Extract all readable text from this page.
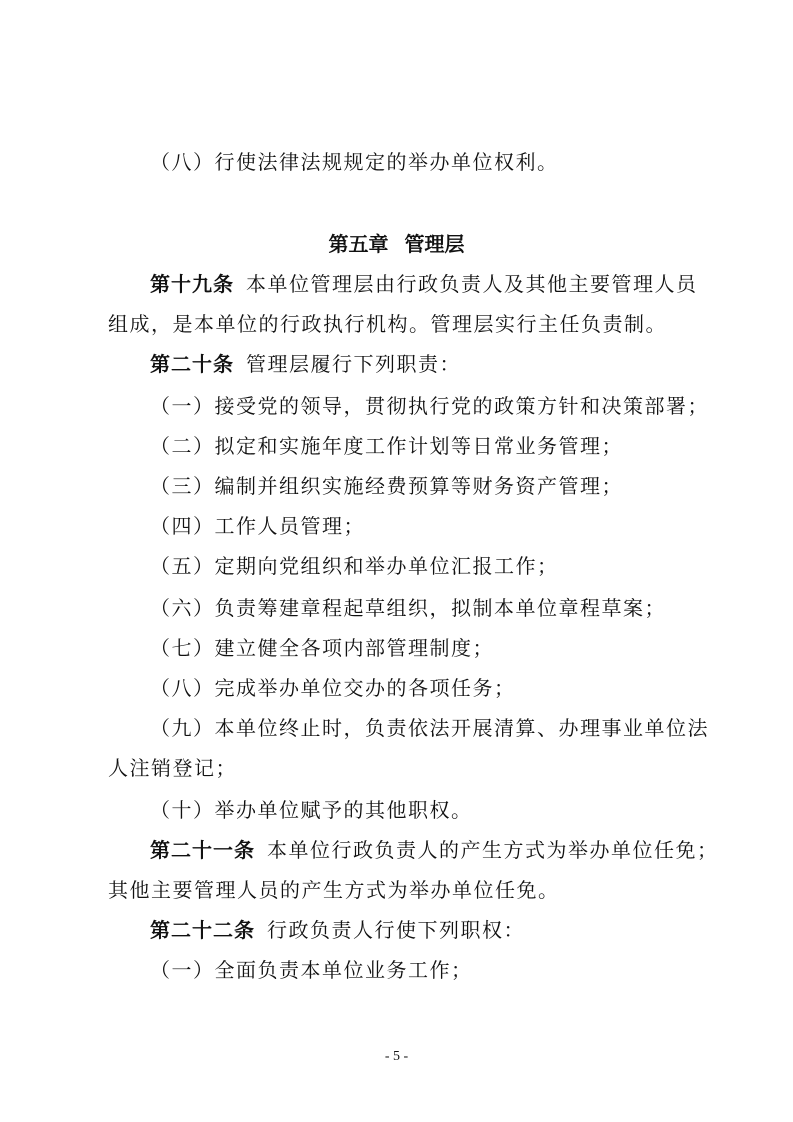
（八）行使法律法规规定的举办单位权利。
第五章 管理层
第十九条 本单位管理层由行政负责人及其他主要管理人员
组成，是本单位的行政执行机构。管理层实行主任负责制。
第二十条 管理层履行下列职责：
（一）接受党的领导，贯彻执行党的政策方针和决策部署；
（二）拟定和实施年度工作计划等日常业务管理；
（三）编制并组织实施经费预算等财务资产管理；
（四）工作人员管理；
（五）定期向党组织和举办单位汇报工作；
（六）负责筹建章程起草组织，拟制本单位章程草案；
（七）建立健全各项内部管理制度；
（八）完成举办单位交办的各项任务；
（九）本单位终止时，负责依法开展清算、办理事业单位法
人注销登记；
（十）举办单位赋予的其他职权。
第二十一条 本单位行政负责人的产生方式为举办单位任免；
其他主要管理人员的产生方式为举办单位任免。
第二十二条 行政负责人行使下列职权：
（一）全面负责本单位业务工作；
- 5 -
